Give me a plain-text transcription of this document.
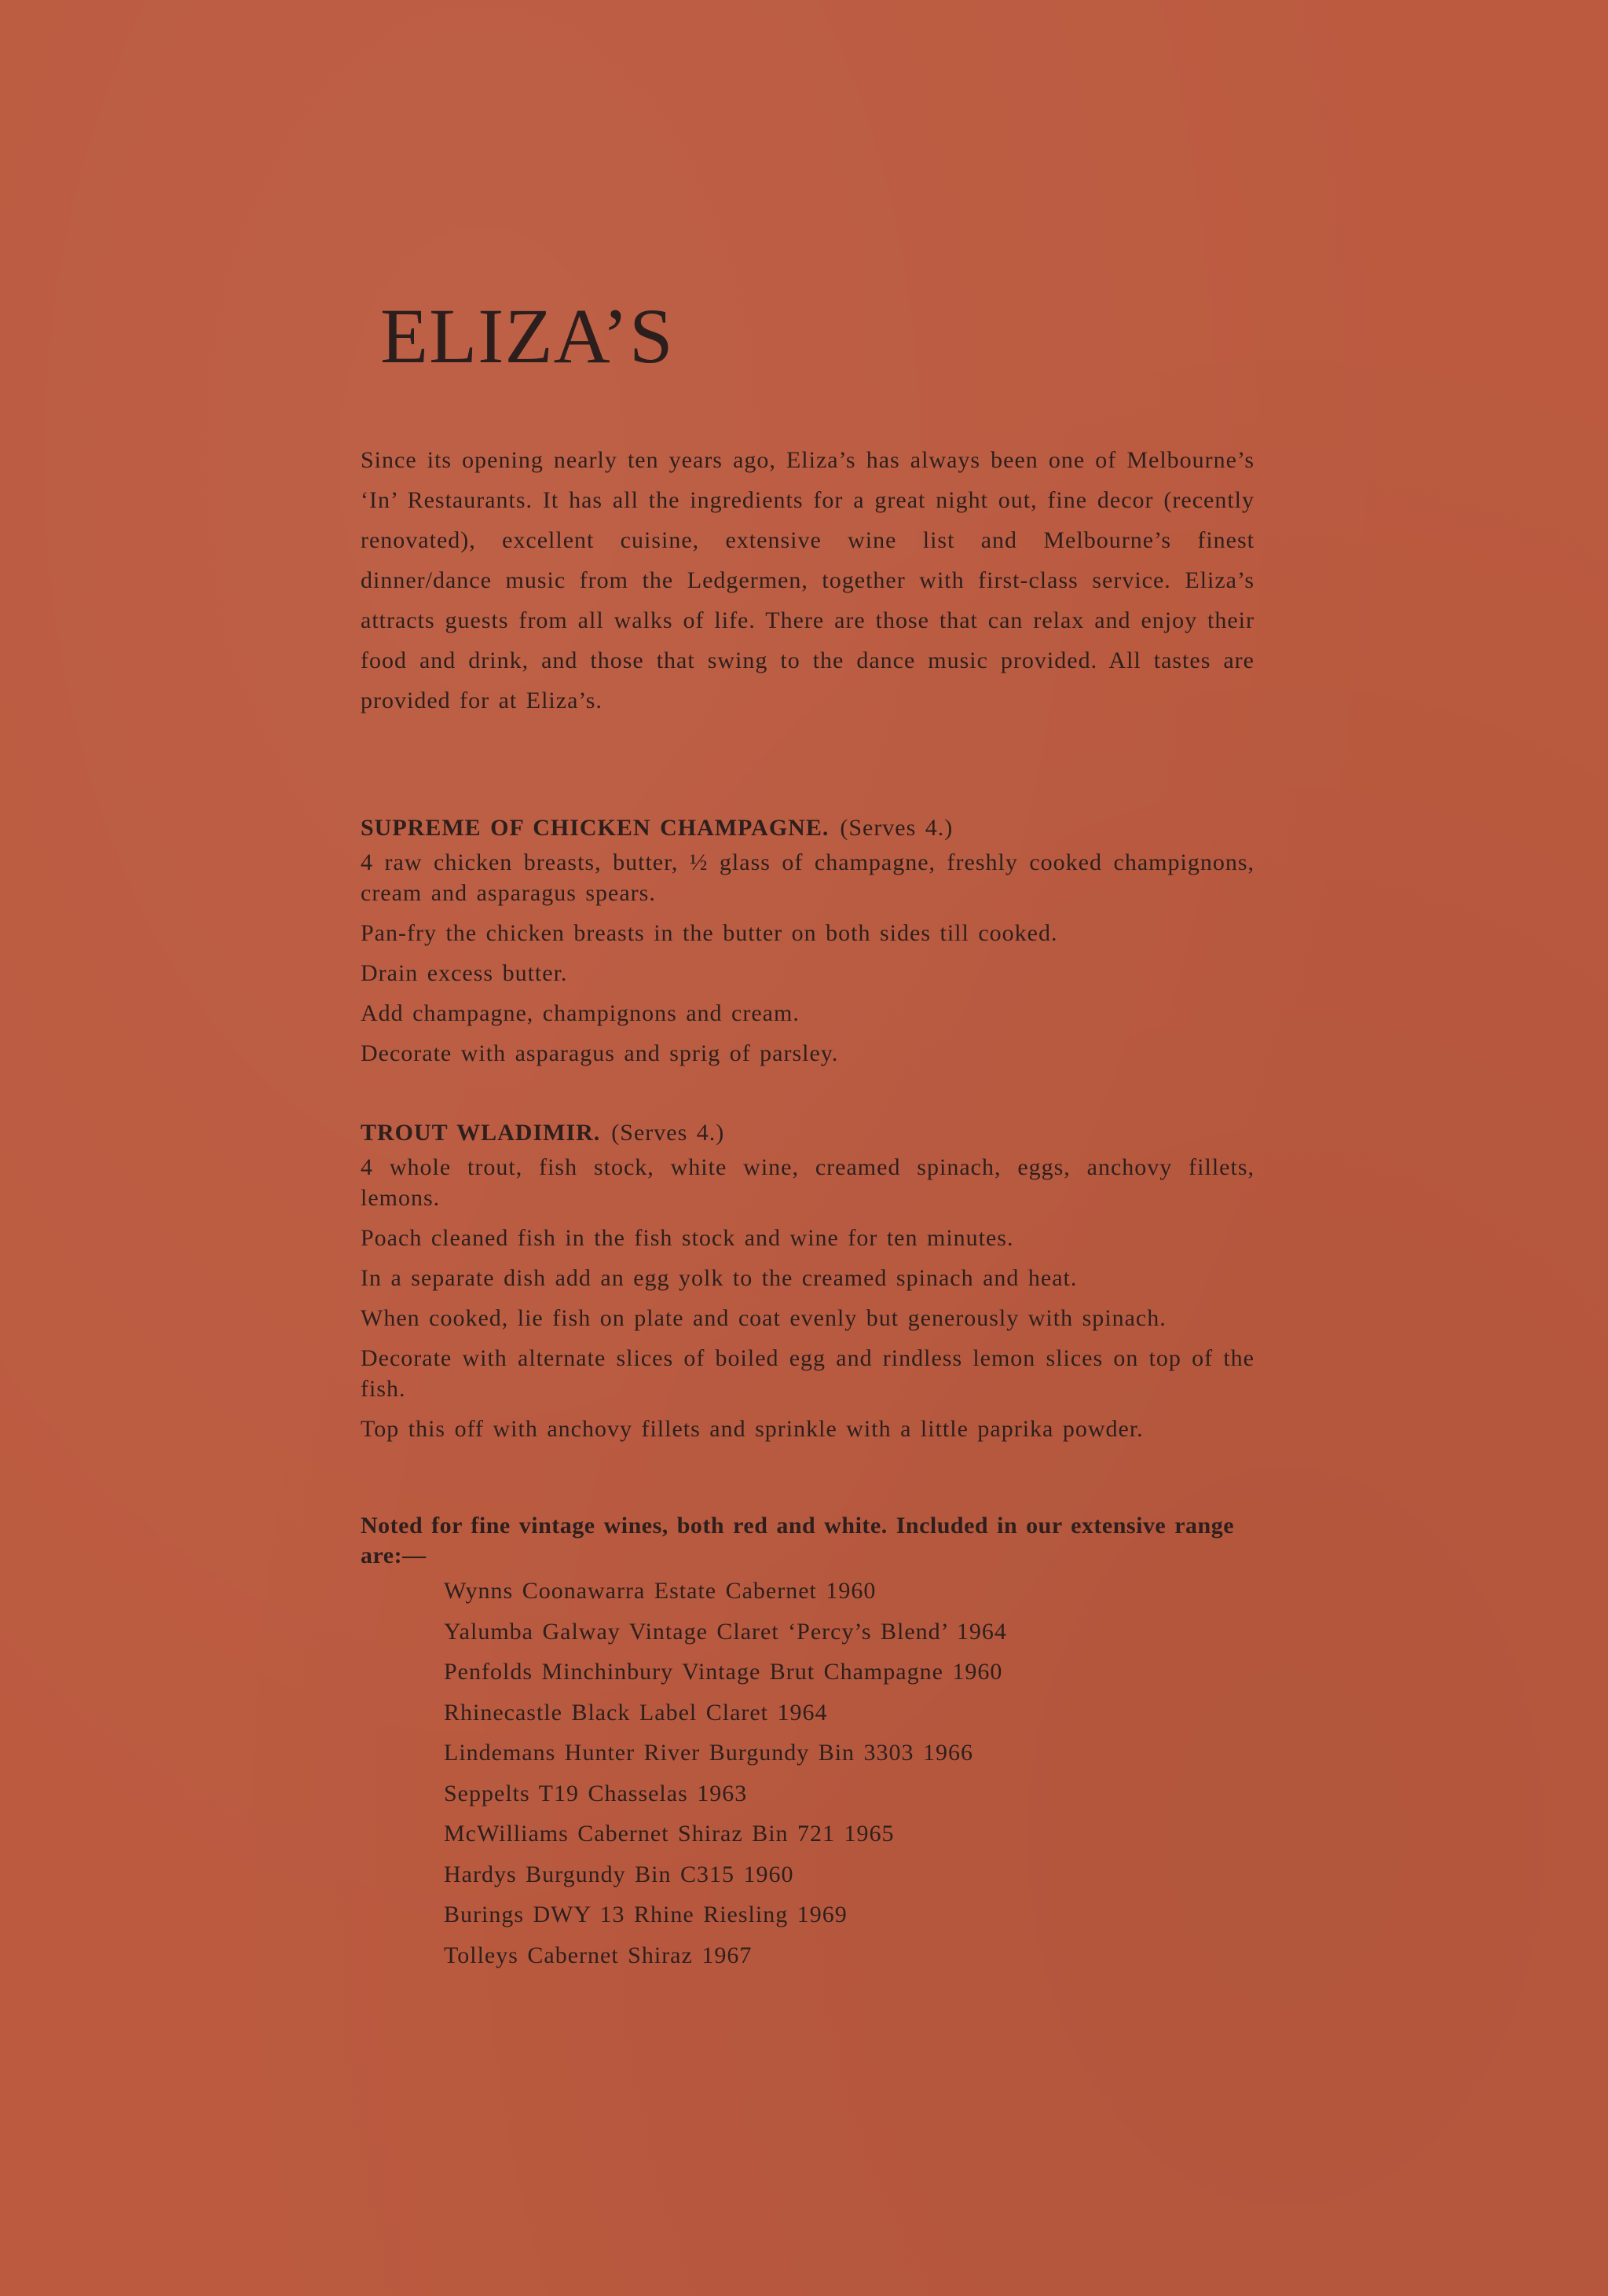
ELIZA’S

Since its opening nearly ten years ago, Eliza’s has always been one of Melbourne’s ‘In’ Restaurants. It has all the ingredients for a great night out, fine decor (recently renovated), excellent cuisine, extensive wine list and Melbourne’s finest dinner/dance music from the Ledgermen, together with first-class service. Eliza’s attracts guests from all walks of life. There are those that can relax and enjoy their food and drink, and those that swing to the dance music provided. All tastes are provided for at Eliza’s.

SUPREME OF CHICKEN CHAMPAGNE. (Serves 4.)

4 raw chicken breasts, butter, ½ glass of champagne, freshly cooked champignons, cream and asparagus spears.

Pan-fry the chicken breasts in the butter on both sides till cooked.

Drain excess butter.

Add champagne, champignons and cream.

Decorate with asparagus and sprig of parsley.

TROUT WLADIMIR. (Serves 4.)

4 whole trout, fish stock, white wine, creamed spinach, eggs, anchovy fillets, lemons.

Poach cleaned fish in the fish stock and wine for ten minutes.

In a separate dish add an egg yolk to the creamed spinach and heat.

When cooked, lie fish on plate and coat evenly but generously with spinach.

Decorate with alternate slices of boiled egg and rindless lemon slices on top of the fish.

Top this off with anchovy fillets and sprinkle with a little paprika powder.

Noted for fine vintage wines, both red and white. Included in our extensive range are:—

Wynns Coonawarra Estate Cabernet 1960
Yalumba Galway Vintage Claret ‘Percy’s Blend’ 1964
Penfolds Minchinbury Vintage Brut Champagne 1960
Rhinecastle Black Label Claret 1964
Lindemans Hunter River Burgundy Bin 3303 1966
Seppelts T19 Chasselas 1963
McWilliams Cabernet Shiraz Bin 721 1965
Hardys Burgundy Bin C315 1960
Burings DWY 13 Rhine Riesling 1969
Tolleys Cabernet Shiraz 1967
